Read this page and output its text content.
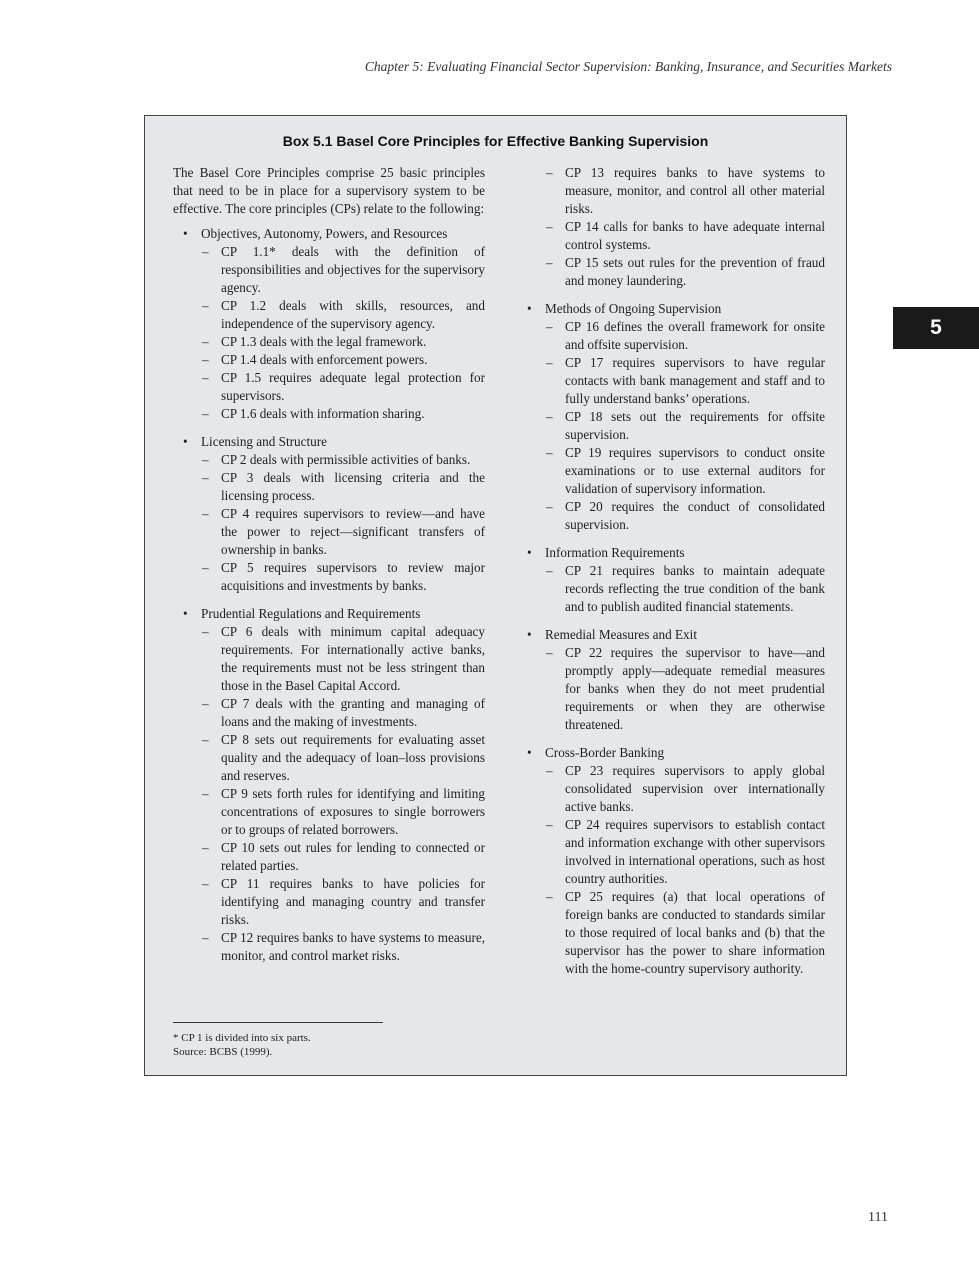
Chapter 5: Evaluating Financial Sector Supervision: Banking, Insurance, and Securities Markets
5
Box 5.1 Basel Core Principles for Effective Banking Supervision

The Basel Core Principles comprise 25 basic principles that need to be in place for a supervisory system to be effective. The core principles (CPs) relate to the following:

• Objectives, Autonomy, Powers, and Resources
– CP 1.1* deals with the definition of responsibilities and objectives for the supervisory agency.
– CP 1.2 deals with skills, resources, and independence of the supervisory agency.
– CP 1.3 deals with the legal framework.
– CP 1.4 deals with enforcement powers.
– CP 1.5 requires adequate legal protection for supervisors.
– CP 1.6 deals with information sharing.
• Licensing and Structure
– CP 2 deals with permissible activities of banks.
– CP 3 deals with licensing criteria and the licensing process.
– CP 4 requires supervisors to review—and have the power to reject—significant transfers of ownership in banks.
– CP 5 requires supervisors to review major acquisitions and investments by banks.
• Prudential Regulations and Requirements
– CP 6 deals with minimum capital adequacy requirements. For internationally active banks, the requirements must not be less stringent than those in the Basel Capital Accord.
– CP 7 deals with the granting and managing of loans and the making of investments.
– CP 8 sets out requirements for evaluating asset quality and the adequacy of loan–loss provisions and reserves.
– CP 9 sets forth rules for identifying and limiting concentrations of exposures to single borrowers or to groups of related borrowers.
– CP 10 sets out rules for lending to connected or related parties.
– CP 11 requires banks to have policies for identifying and managing country and transfer risks.
– CP 12 requires banks to have systems to measure, monitor, and control market risks.
– CP 13 requires banks to have systems to measure, monitor, and control all other material risks.
– CP 14 calls for banks to have adequate internal control systems.
– CP 15 sets out rules for the prevention of fraud and money laundering.
• Methods of Ongoing Supervision
– CP 16 defines the overall framework for onsite and offsite supervision.
– CP 17 requires supervisors to have regular contacts with bank management and staff and to fully understand banks’ operations.
– CP 18 sets out the requirements for offsite supervision.
– CP 19 requires supervisors to conduct onsite examinations or to use external auditors for validation of supervisory information.
– CP 20 requires the conduct of consolidated supervision.
• Information Requirements
– CP 21 requires banks to maintain adequate records reflecting the true condition of the bank and to publish audited financial statements.
• Remedial Measures and Exit
– CP 22 requires the supervisor to have—and promptly apply—adequate remedial measures for banks when they do not meet prudential requirements or when they are otherwise threatened.
• Cross-Border Banking
– CP 23 requires supervisors to apply global consolidated supervision over internationally active banks.
– CP 24 requires supervisors to establish contact and information exchange with other supervisors involved in international operations, such as host country authorities.
– CP 25 requires (a) that local operations of foreign banks are conducted to standards similar to those required of local banks and (b) that the supervisor has the power to share information with the home-country supervisory authority.
* CP 1 is divided into six parts.
Source: BCBS (1999).
111
